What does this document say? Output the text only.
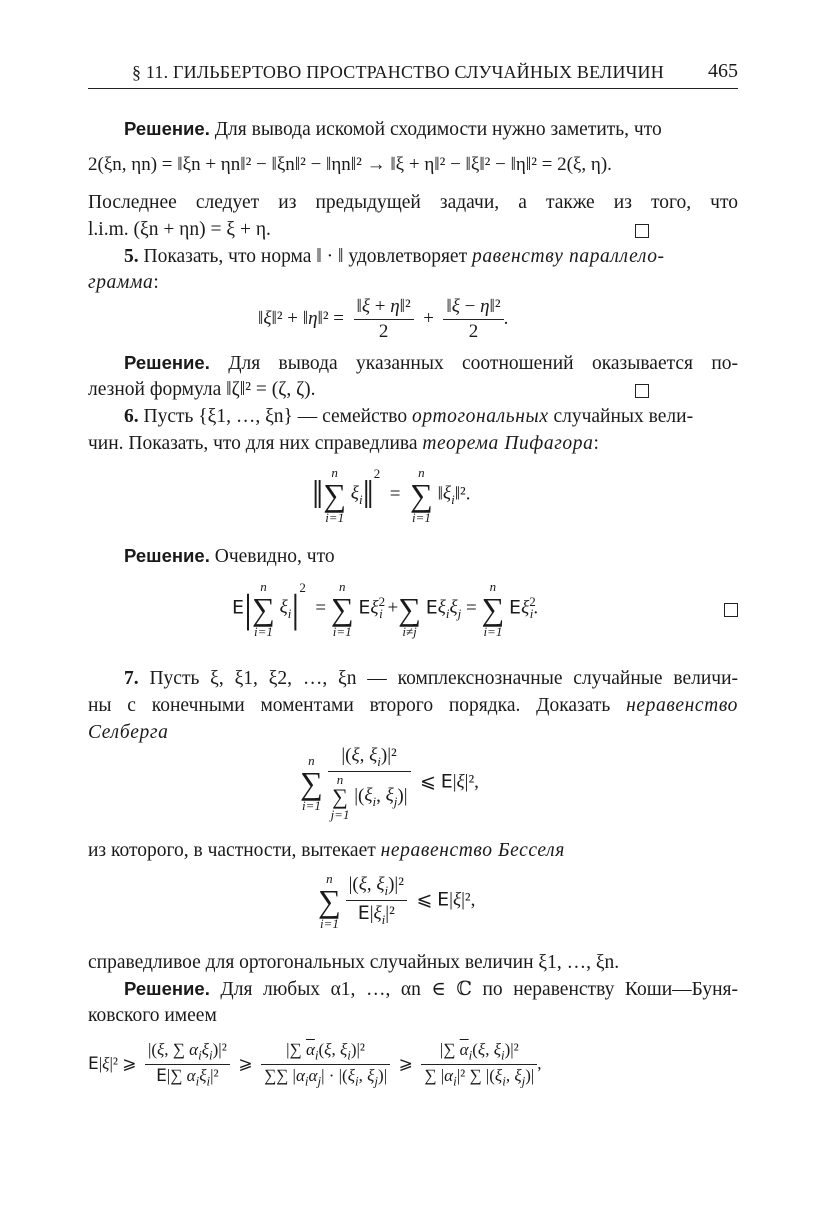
§ 11. ГИЛЬБЕРТОВО ПРОСТРАНСТВО СЛУЧАЙНЫХ ВЕЛИЧИН 465
Решение. Для вывода искомой сходимости нужно заметить, что
2(ξn, ηn) = ‖ξn + ηn‖² − ‖ξn‖² − ‖ηn‖² → ‖ξ + η‖² − ‖ξ‖² − ‖η‖² = 2(ξ, η).
Последнее следует из предыдущей задачи, а также из того, что
l.i.m. (ξn + ηn) = ξ + η.
5. Показать, что норма ‖ · ‖ удовлетворяет равенству параллело-
грамма:
‖ξ‖² + ‖η‖² = $\frac{\text{‖ξ + η‖²}}{2} + \frac{\text{‖ξ − η‖²}}{2}$ .
Решение. Для вывода указанных соотношений оказывается по-
лезной формула ‖ζ‖² = (ζ, ζ).
6. Пусть {ξ1, …, ξn} — семейство ортогональных случайных вели-
чин. Показать, что для них справедлива теорема Пифагора:
‖ n
∑
i=1
$\xi_i‖^2$  =
n
∑
i=1
$‖\xi_i‖^2$.
Решение. Очевидно, что
E| n
∑
i=1
$\xi_i|^2$  =
n
∑
i=1
$E\xi^2_i$ +
∑
i≠j
$E\xi_i\xi_j$ =
n
∑
i=1
$E\xi^2_i$.
7. Пусть ξ, ξ1, ξ2, …, ξn — комплекснозначные случайные величи-
ны с конечными моментами второго порядка. Доказать неравенство
Селберга
n
∑
i=1
|(ξ, $\xi_i)|^2$
n
∑
j=1
$|(\xi_i$, $\xi_j)|$ ⩽ E|ξ|²,
из которого, в частности, вытекает неравенство Бесселя
n
∑
i=1
$\frac{|(\xi, \xi_i)|^2}{E|\xi_i|^2}$ ⩽ E|ξ|²,
справедливое для ортогональных случайных величин ξ1, …, ξn.
Решение. Для любых α1, …, αn ∈ ℂ по неравенству Коши—Буня-
ковского имеем
E|ξ|² ⩾ $\frac{|(\xi, \sum \alpha_i\xi_i)|^2}{E|\sum \alpha_i\xi_i|^2}$ ⩾ $\frac{|\sum \overline{\alpha}_i(\xi, \xi_i)|^2}{\sum\sum |\alpha_i\alpha_j| \cdot |(\xi_i, \xi_j)|}$ ⩾ $\frac{|\sum \overline{\alpha}_i(\xi, \xi_i)|^2}{\sum |\alpha_i|^2 \sum |(\xi_i, \xi_j)|}$ ,
